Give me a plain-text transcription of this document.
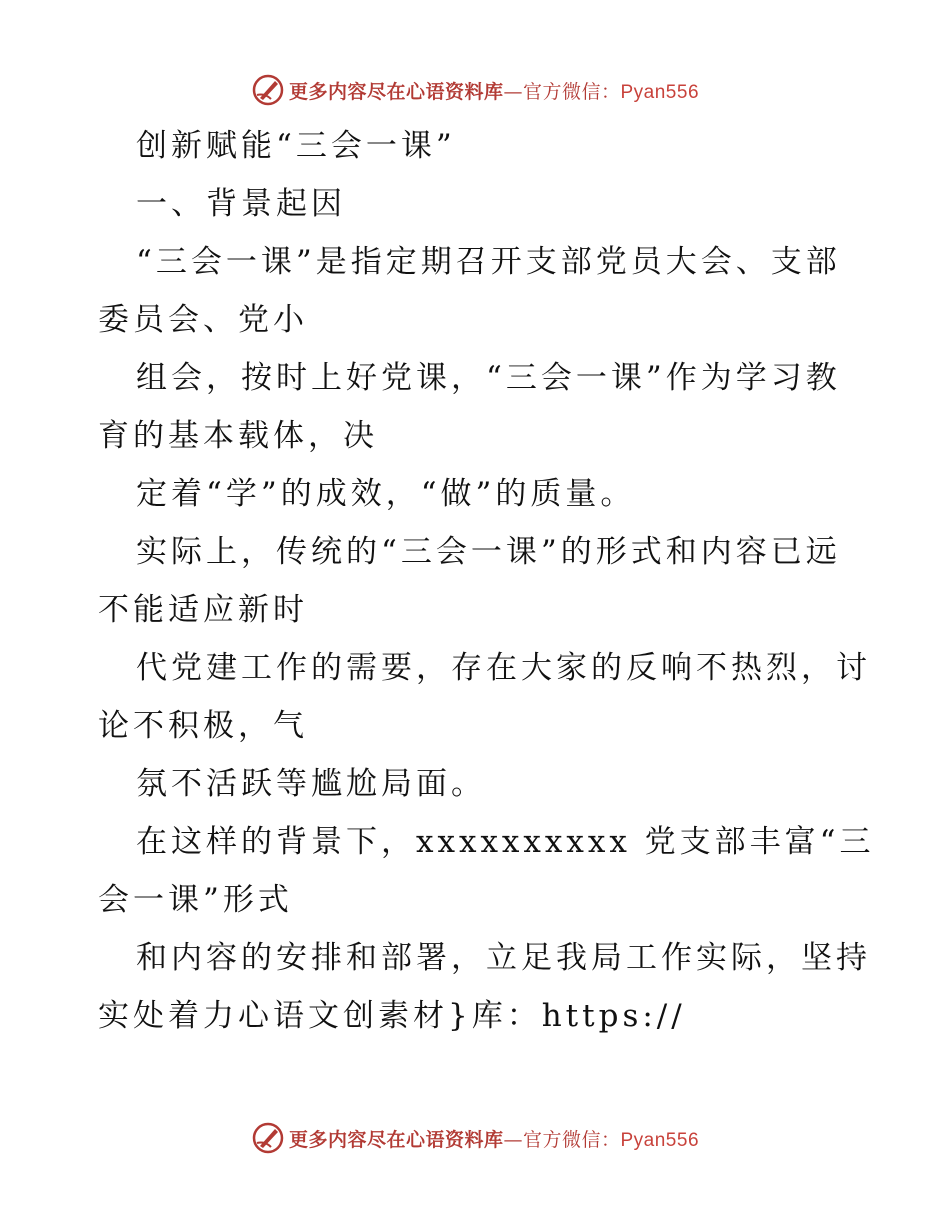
更多内容尽在心语资料库—官方微信：Pyan556
创新赋能“三会一课”
一、背景起因
“三会一课”是指定期召开支部党员大会、支部
委员会、党小
组会，按时上好党课，“三会一课”作为学习教
育的基本载体，决
定着“学”的成效，“做”的质量。
实际上，传统的“三会一课”的形式和内容已远
不能适应新时
代党建工作的需要，存在大家的反响不热烈，讨
论不积极，气
氛不活跃等尴尬局面。
在这样的背景下，xxxxxxxxxx 党支部丰富“三
会一课”形式
和内容的安排和部署，立足我局工作实际，坚持
实处着力心语文创素材}库：https://
更多内容尽在心语资料库—官方微信：Pyan556
